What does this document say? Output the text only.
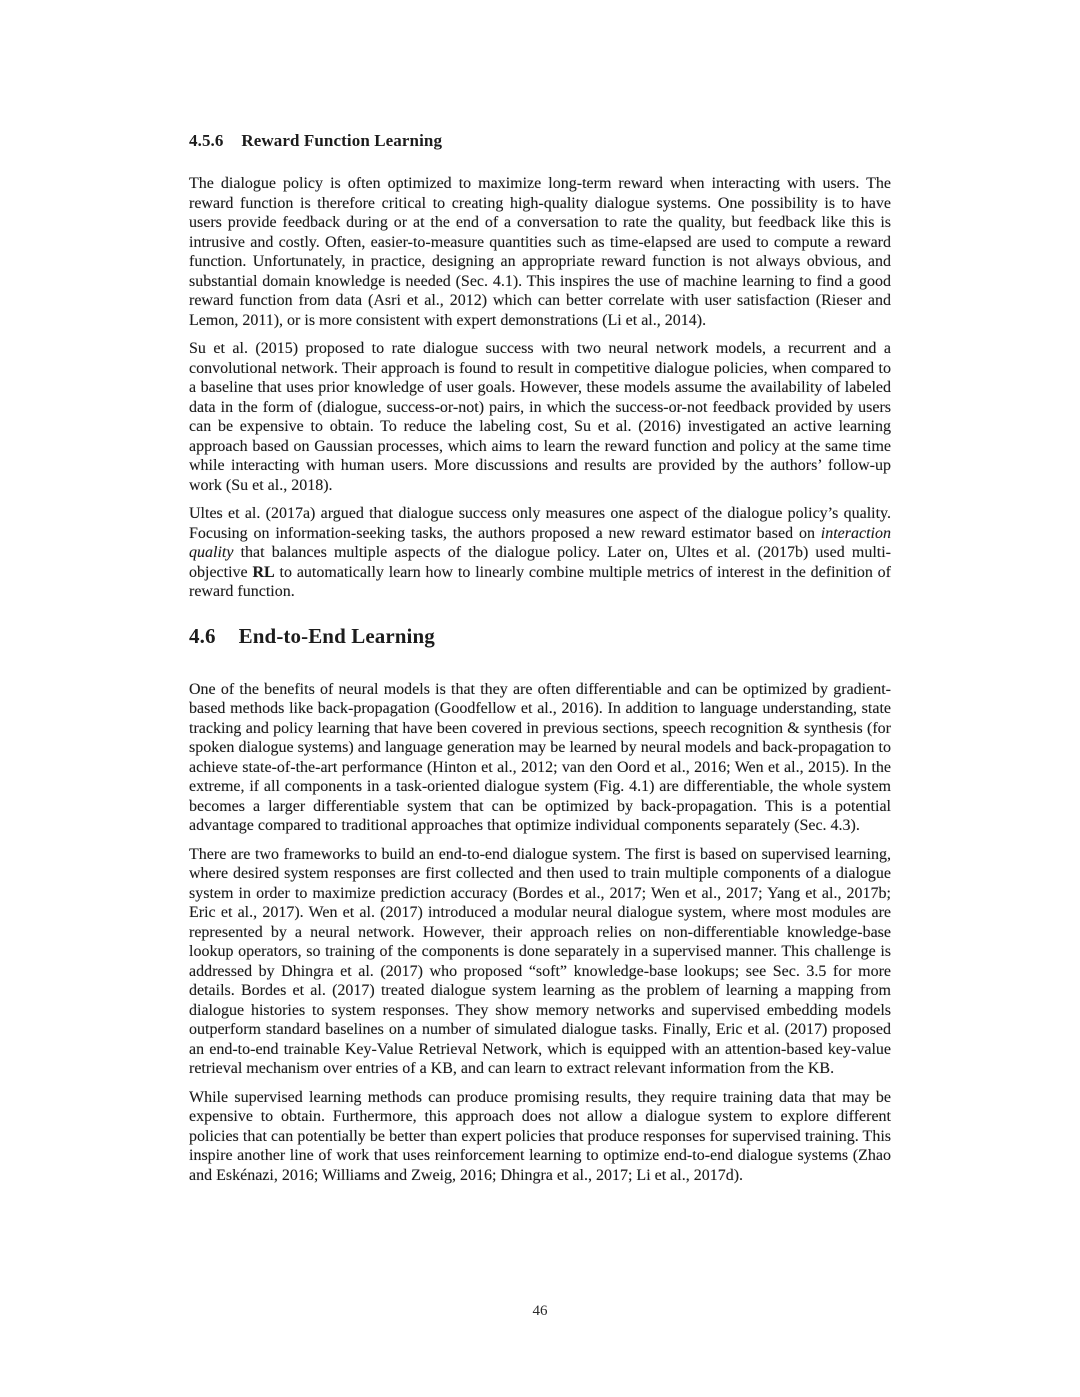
4.5.6 Reward Function Learning

The dialogue policy is often optimized to maximize long-term reward when interacting with users. The reward function is therefore critical to creating high-quality dialogue systems. One possibility is to have users provide feedback during or at the end of a conversation to rate the quality, but feedback like this is intrusive and costly. Often, easier-to-measure quantities such as time-elapsed are used to compute a reward function. Unfortunately, in practice, designing an appropriate reward function is not always obvious, and substantial domain knowledge is needed (Sec. 4.1). This inspires the use of machine learning to find a good reward function from data (Asri et al., 2012) which can better correlate with user satisfaction (Rieser and Lemon, 2011), or is more consistent with expert demonstrations (Li et al., 2014).

Su et al. (2015) proposed to rate dialogue success with two neural network models, a recurrent and a convolutional network. Their approach is found to result in competitive dialogue policies, when compared to a baseline that uses prior knowledge of user goals. However, these models assume the availability of labeled data in the form of (dialogue, success-or-not) pairs, in which the success-or-not feedback provided by users can be expensive to obtain. To reduce the labeling cost, Su et al. (2016) investigated an active learning approach based on Gaussian processes, which aims to learn the reward function and policy at the same time while interacting with human users. More discussions and results are provided by the authors’ follow-up work (Su et al., 2018).

Ultes et al. (2017a) argued that dialogue success only measures one aspect of the dialogue policy’s quality. Focusing on information-seeking tasks, the authors proposed a new reward estimator based on interaction quality that balances multiple aspects of the dialogue policy. Later on, Ultes et al. (2017b) used multi-objective RL to automatically learn how to linearly combine multiple metrics of interest in the definition of reward function.

4.6 End-to-End Learning

One of the benefits of neural models is that they are often differentiable and can be optimized by gradient-based methods like back-propagation (Goodfellow et al., 2016). In addition to language understanding, state tracking and policy learning that have been covered in previous sections, speech recognition & synthesis (for spoken dialogue systems) and language generation may be learned by neural models and back-propagation to achieve state-of-the-art performance (Hinton et al., 2012; van den Oord et al., 2016; Wen et al., 2015). In the extreme, if all components in a task-oriented dialogue system (Fig. 4.1) are differentiable, the whole system becomes a larger differentiable system that can be optimized by back-propagation. This is a potential advantage compared to traditional approaches that optimize individual components separately (Sec. 4.3).

There are two frameworks to build an end-to-end dialogue system. The first is based on supervised learning, where desired system responses are first collected and then used to train multiple components of a dialogue system in order to maximize prediction accuracy (Bordes et al., 2017; Wen et al., 2017; Yang et al., 2017b; Eric et al., 2017). Wen et al. (2017) introduced a modular neural dialogue system, where most modules are represented by a neural network. However, their approach relies on non-differentiable knowledge-base lookup operators, so training of the components is done separately in a supervised manner. This challenge is addressed by Dhingra et al. (2017) who proposed “soft” knowledge-base lookups; see Sec. 3.5 for more details. Bordes et al. (2017) treated dialogue system learning as the problem of learning a mapping from dialogue histories to system responses. They show memory networks and supervised embedding models outperform standard baselines on a number of simulated dialogue tasks. Finally, Eric et al. (2017) proposed an end-to-end trainable Key-Value Retrieval Network, which is equipped with an attention-based key-value retrieval mechanism over entries of a KB, and can learn to extract relevant information from the KB.

While supervised learning methods can produce promising results, they require training data that may be expensive to obtain. Furthermore, this approach does not allow a dialogue system to explore different policies that can potentially be better than expert policies that produce responses for supervised training. This inspire another line of work that uses reinforcement learning to optimize end-to-end dialogue systems (Zhao and Eskénazi, 2016; Williams and Zweig, 2016; Dhingra et al., 2017; Li et al., 2017d).

46
